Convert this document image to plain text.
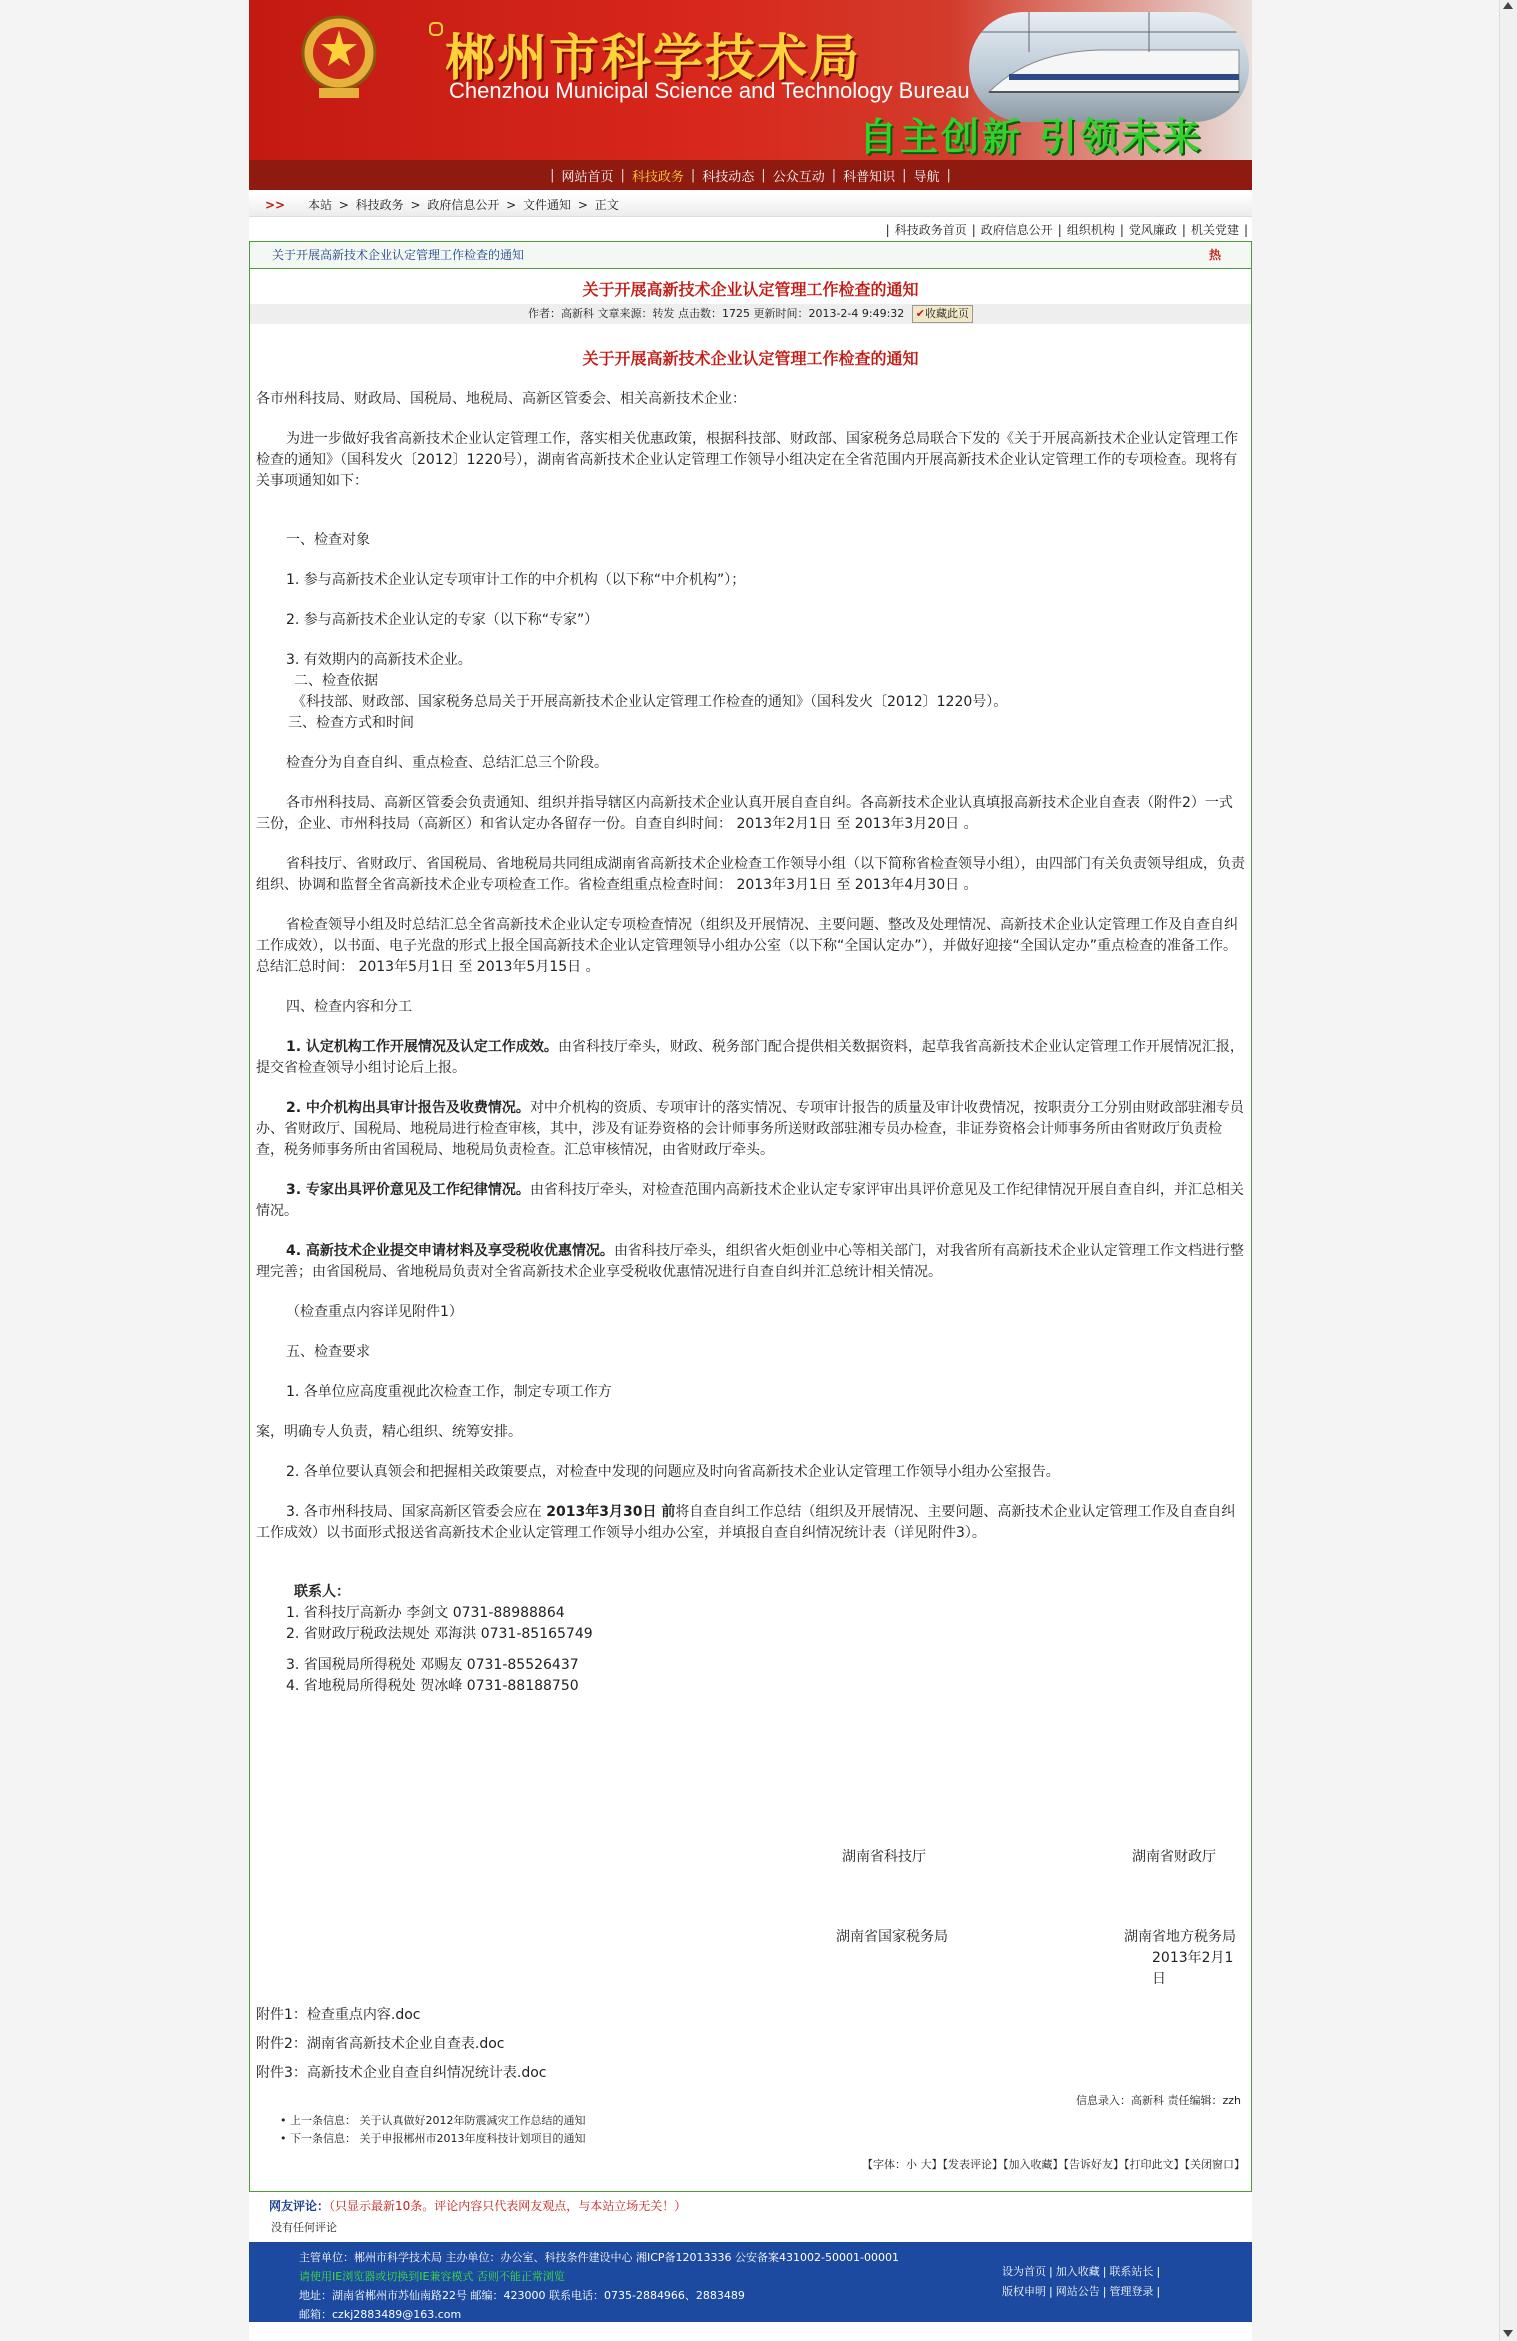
郴州市科学技术局
Chenzhou Municipal Science and Technology Bureau
自主创新 引领未来
| 网站首页 | 科技政务 | 科技动态 | 公众互动 | 科普知识 | 导航 |
>> 本站 > 科技政务 > 政府信息公开 > 文件通知 > 正文
| 科技政务首页 | 政府信息公开 | 组织机构 | 党风廉政 | 机关党建 |
关于开展高新技术企业认定管理工作检查的通知	热
关于开展高新技术企业认定管理工作检查的通知
作者：高新科 文章来源：转发 点击数：1725 更新时间：2013-2-4 9:49:32 ✔收藏此页
关于开展高新技术企业认定管理工作检查的通知

各市州科技局、财政局、国税局、地税局、高新区管委会、相关高新技术企业：

为进一步做好我省高新技术企业认定管理工作，落实相关优惠政策，根据科技部、财政部、国家税务总局联合下发的《关于开展高新技术企业认定管理工作检查的通知》（国科发火〔2012〕1220号），湖南省高新技术企业认定管理工作领导小组决定在全省范围内开展高新技术企业认定管理工作的专项检查。现将有关事项通知如下：

一、检查对象

1. 参与高新技术企业认定专项审计工作的中介机构（以下称“中介机构”）；

2. 参与高新技术企业认定的专家（以下称“专家”）

3. 有效期内的高新技术企业。

二、检查依据

《科技部、财政部、国家税务总局关于开展高新技术企业认定管理工作检查的通知》（国科发火〔2012〕1220号）。

三、检查方式和时间

检查分为自查自纠、重点检查、总结汇总三个阶段。

各市州科技局、高新区管委会负责通知、组织并指导辖区内高新技术企业认真开展自查自纠。各高新技术企业认真填报高新技术企业自查表（附件2）一式三份，企业、市州科技局（高新区）和省认定办各留存一份。自查自纠时间： 2013年2月1日 至 2013年3月20日 。

省科技厅、省财政厅、省国税局、省地税局共同组成湖南省高新技术企业检查工作领导小组（以下简称省检查领导小组），由四部门有关负责领导组成，负责组织、协调和监督全省高新技术企业专项检查工作。省检查组重点检查时间： 2013年3月1日 至 2013年4月30日 。

省检查领导小组及时总结汇总全省高新技术企业认定专项检查情况（组织及开展情况、主要问题、整改及处理情况、高新技术企业认定管理工作及自查自纠工作成效），以书面、电子光盘的形式上报全国高新技术企业认定管理领导小组办公室（以下称“全国认定办”），并做好迎接“全国认定办”重点检查的准备工作。总结汇总时间： 2013年5月1日 至 2013年5月15日 。

四、检查内容和分工

1. 认定机构工作开展情况及认定工作成效。由省科技厅牵头，财政、税务部门配合提供相关数据资料，起草我省高新技术企业认定管理工作开展情况汇报，提交省检查领导小组讨论后上报。

2. 中介机构出具审计报告及收费情况。对中介机构的资质、专项审计的落实情况、专项审计报告的质量及审计收费情况，按职责分工分别由财政部驻湘专员办、省财政厅、国税局、地税局进行检查审核，其中，涉及有证券资格的会计师事务所送财政部驻湘专员办检查，非证券资格会计师事务所由省财政厅负责检查，税务师事务所由省国税局、地税局负责检查。汇总审核情况，由省财政厅牵头。

3. 专家出具评价意见及工作纪律情况。由省科技厅牵头，对检查范围内高新技术企业认定专家评审出具评价意见及工作纪律情况开展自查自纠，并汇总相关情况。

4. 高新技术企业提交申请材料及享受税收优惠情况。由省科技厅牵头，组织省火炬创业中心等相关部门，对我省所有高新技术企业认定管理工作文档进行整理完善；由省国税局、省地税局负责对全省高新技术企业享受税收优惠情况进行自查自纠并汇总统计相关情况。

（检查重点内容详见附件1）

五、检查要求

1. 各单位应高度重视此次检查工作，制定专项工作方

案，明确专人负责，精心组织、统筹安排。

2. 各单位要认真领会和把握相关政策要点，对检查中发现的问题应及时向省高新技术企业认定管理工作领导小组办公室报告。

3. 各市州科技局、国家高新区管委会应在 2013年3月30日 前将自查自纠工作总结（组织及开展情况、主要问题、高新技术企业认定管理工作及自查自纠工作成效）以书面形式报送省高新技术企业认定管理工作领导小组办公室，并填报自查自纠情况统计表（详见附件3）。

联系人：

1. 省科技厅高新办 李剑文 0731-88988864

2. 省财政厅税政法规处 邓海洪 0731-85165749

3. 省国税局所得税处 邓赐友 0731-85526437

4. 省地税局所得税处 贺冰峰 0731-88188750

湖南省科技厅	湖南省财政厅
湖南省国家税务局	湖南省地方税务局
2013年2月1日

附件1：检查重点内容.doc

附件2：湖南省高新技术企业自查表.doc

附件3：高新技术企业自查自纠情况统计表.doc

信息录入：高新科 责任编辑：zzh
• 上一条信息： 关于认真做好2012年防震减灾工作总结的通知
• 下一条信息： 关于申报郴州市2013年度科技计划项目的通知
【字体：小 大】【发表评论】【加入收藏】【告诉好友】【打印此文】【关闭窗口】
网友评论：（只显示最新10条。评论内容只代表网友观点，与本站立场无关！）
没有任何评论
主管单位：郴州市科学技术局 主办单位：办公室、科技条件建设中心 湘ICP备12013336 公安备案431002-50001-00001
请使用IE浏览器或切换到IE兼容模式 否则不能正常浏览
地址：湖南省郴州市苏仙南路22号 邮编：423000 联系电话：0735-2884966、2883489
邮箱：czkj2883489@163.com
设为首页 | 加入收藏 | 联系站长 |
版权申明 | 网站公告 | 管理登录 |
